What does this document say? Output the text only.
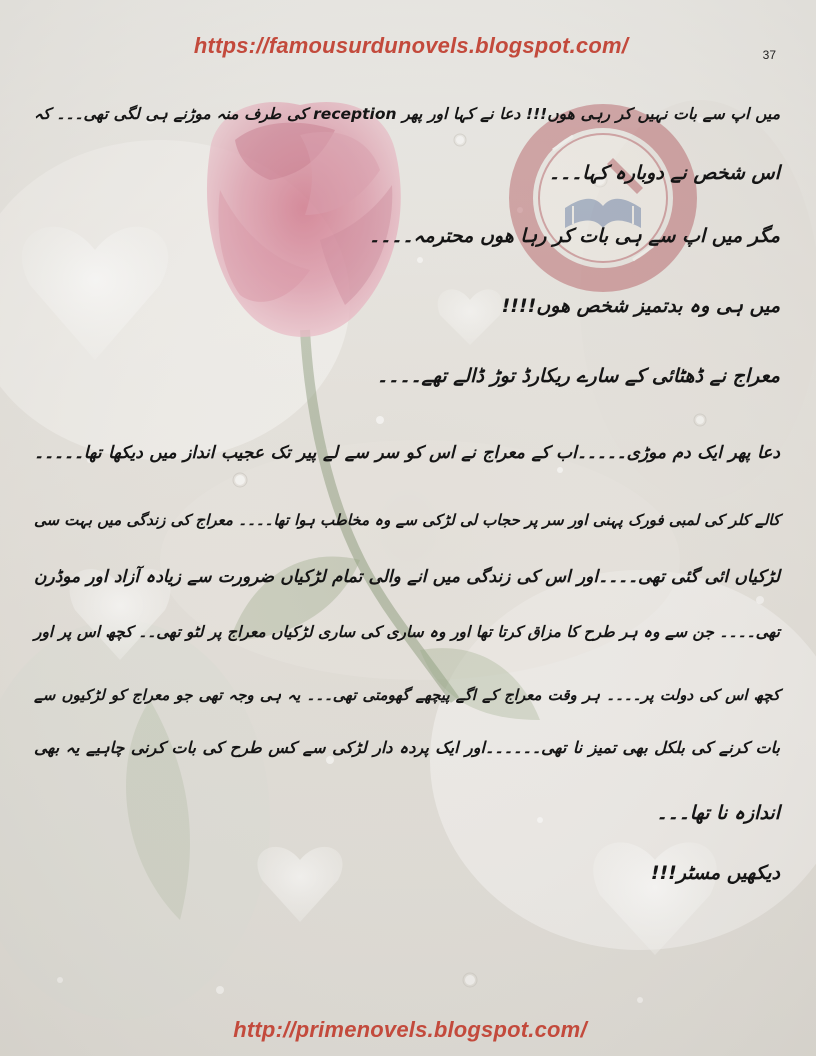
https://famousurdunovels.blogspot.com/	37
میں اپ سے بات نہیں کر رہی ھوں!!! دعا نے کہا اور پھر reception کی طرف منہ موڑنے ہی لگی تھی۔۔۔ کہ
اس شخص نے دوبارہ کہا۔۔۔
مگر میں اپ سے ہی بات کر رہا ھوں محترمہ۔۔۔۔
میں ہی وہ بدتمیز شخص ھوں!!!!
معراج نے ڈھٹائی کے سارے ریکارڈ توڑ ڈالے تھے۔۔۔۔
دعا پھر ایک دم موڑی۔۔۔۔۔اب کے معراج نے اس کو سر سے لے پیر تک عجیب انداز میں دیکھا تھا۔۔۔۔۔
کالے کلر کی لمبی فورک پہنی اور سر پر حجاب لی لڑکی سے وہ مخاطب ہوا تھا۔۔۔۔ معراج کی زندگی میں بہت سی
لڑکیاں ائی گئی تھی۔۔۔۔اور اس کی زندگی میں انے والی تمام لڑکیاں ضرورت سے زیادہ آزاد اور موڈرن
تھی۔۔۔۔ جن سے وہ ہر طرح کا مزاق کرتا تھا اور وہ ساری کی ساری لڑکیاں معراج پر لٹو تھی۔۔ کچھ اس پر اور
کچھ اس کی دولت پر۔۔۔۔ ہر وقت معراج کے اگے پیچھے گھومتی تھی۔۔۔ یہ ہی وجہ تھی جو معراج کو لڑکیوں سے
بات کرنے کی بلکل بھی تمیز نا تھی۔۔۔۔۔۔اور ایک پردہ دار لڑکی سے کس طرح کی بات کرنی چاہیے یہ بھی
اندازہ نا تھا۔۔۔
دیکھیں مسٹر!!!
http://primenovels.blogspot.com/
